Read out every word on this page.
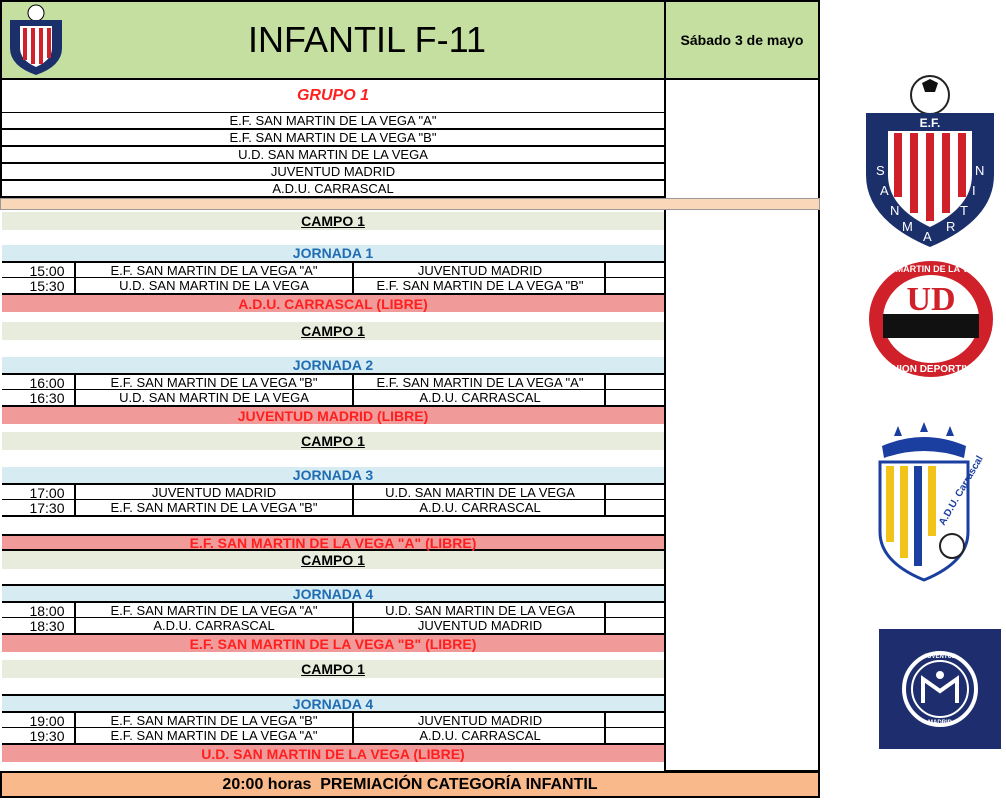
INFANTIL F-11	Sábado 3 de mayo
GRUPO 1
E.F. SAN MARTIN DE LA VEGA "A"
E.F. SAN MARTIN DE LA VEGA "B"
U.D. SAN MARTIN DE LA VEGA
JUVENTUD MADRID
A.D.U. CARRASCAL
CAMPO 1
JORNADA 1
15:00	E.F. SAN MARTIN DE LA VEGA "A"	JUVENTUD MADRID
15:30	U.D. SAN MARTIN DE LA VEGA	E.F. SAN MARTIN DE LA VEGA "B"
A.D.U. CARRASCAL (LIBRE)
CAMPO 1
JORNADA 2
16:00	E.F. SAN MARTIN DE LA VEGA "B"	E.F. SAN MARTIN DE LA VEGA "A"
16:30	U.D. SAN MARTIN DE LA VEGA	A.D.U. CARRASCAL
JUVENTUD MADRID (LIBRE)
CAMPO 1
JORNADA 3
17:00	JUVENTUD MADRID	U.D. SAN MARTIN DE LA VEGA
17:30	E.F. SAN MARTIN DE LA VEGA "B"	A.D.U. CARRASCAL
E.F. SAN MARTIN DE LA VEGA "A" (LIBRE)
CAMPO 1
JORNADA 4
18:00	E.F. SAN MARTIN DE LA VEGA "A"	U.D. SAN MARTIN DE LA VEGA
18:30	A.D.U. CARRASCAL	JUVENTUD MADRID
E.F. SAN MARTIN DE LA VEGA "B" (LIBRE)
CAMPO 1
JORNADA 4
19:00	E.F. SAN MARTIN DE LA VEGA "B"	JUVENTUD MADRID
19:30	E.F. SAN MARTIN DE LA VEGA "A"	A.D.U. CARRASCAL
U.D. SAN MARTIN DE LA VEGA (LIBRE)
20:00 horas  PREMIACIÓN CATEGORÍA INFANTIL
E.F.
S
A
N
M
A
R
T
I
N
UD
SAN MARTIN DE LA VEGA
UNION DEPORTIVA
A.D.U. Carrascal
JUVENTUD
MADRID
